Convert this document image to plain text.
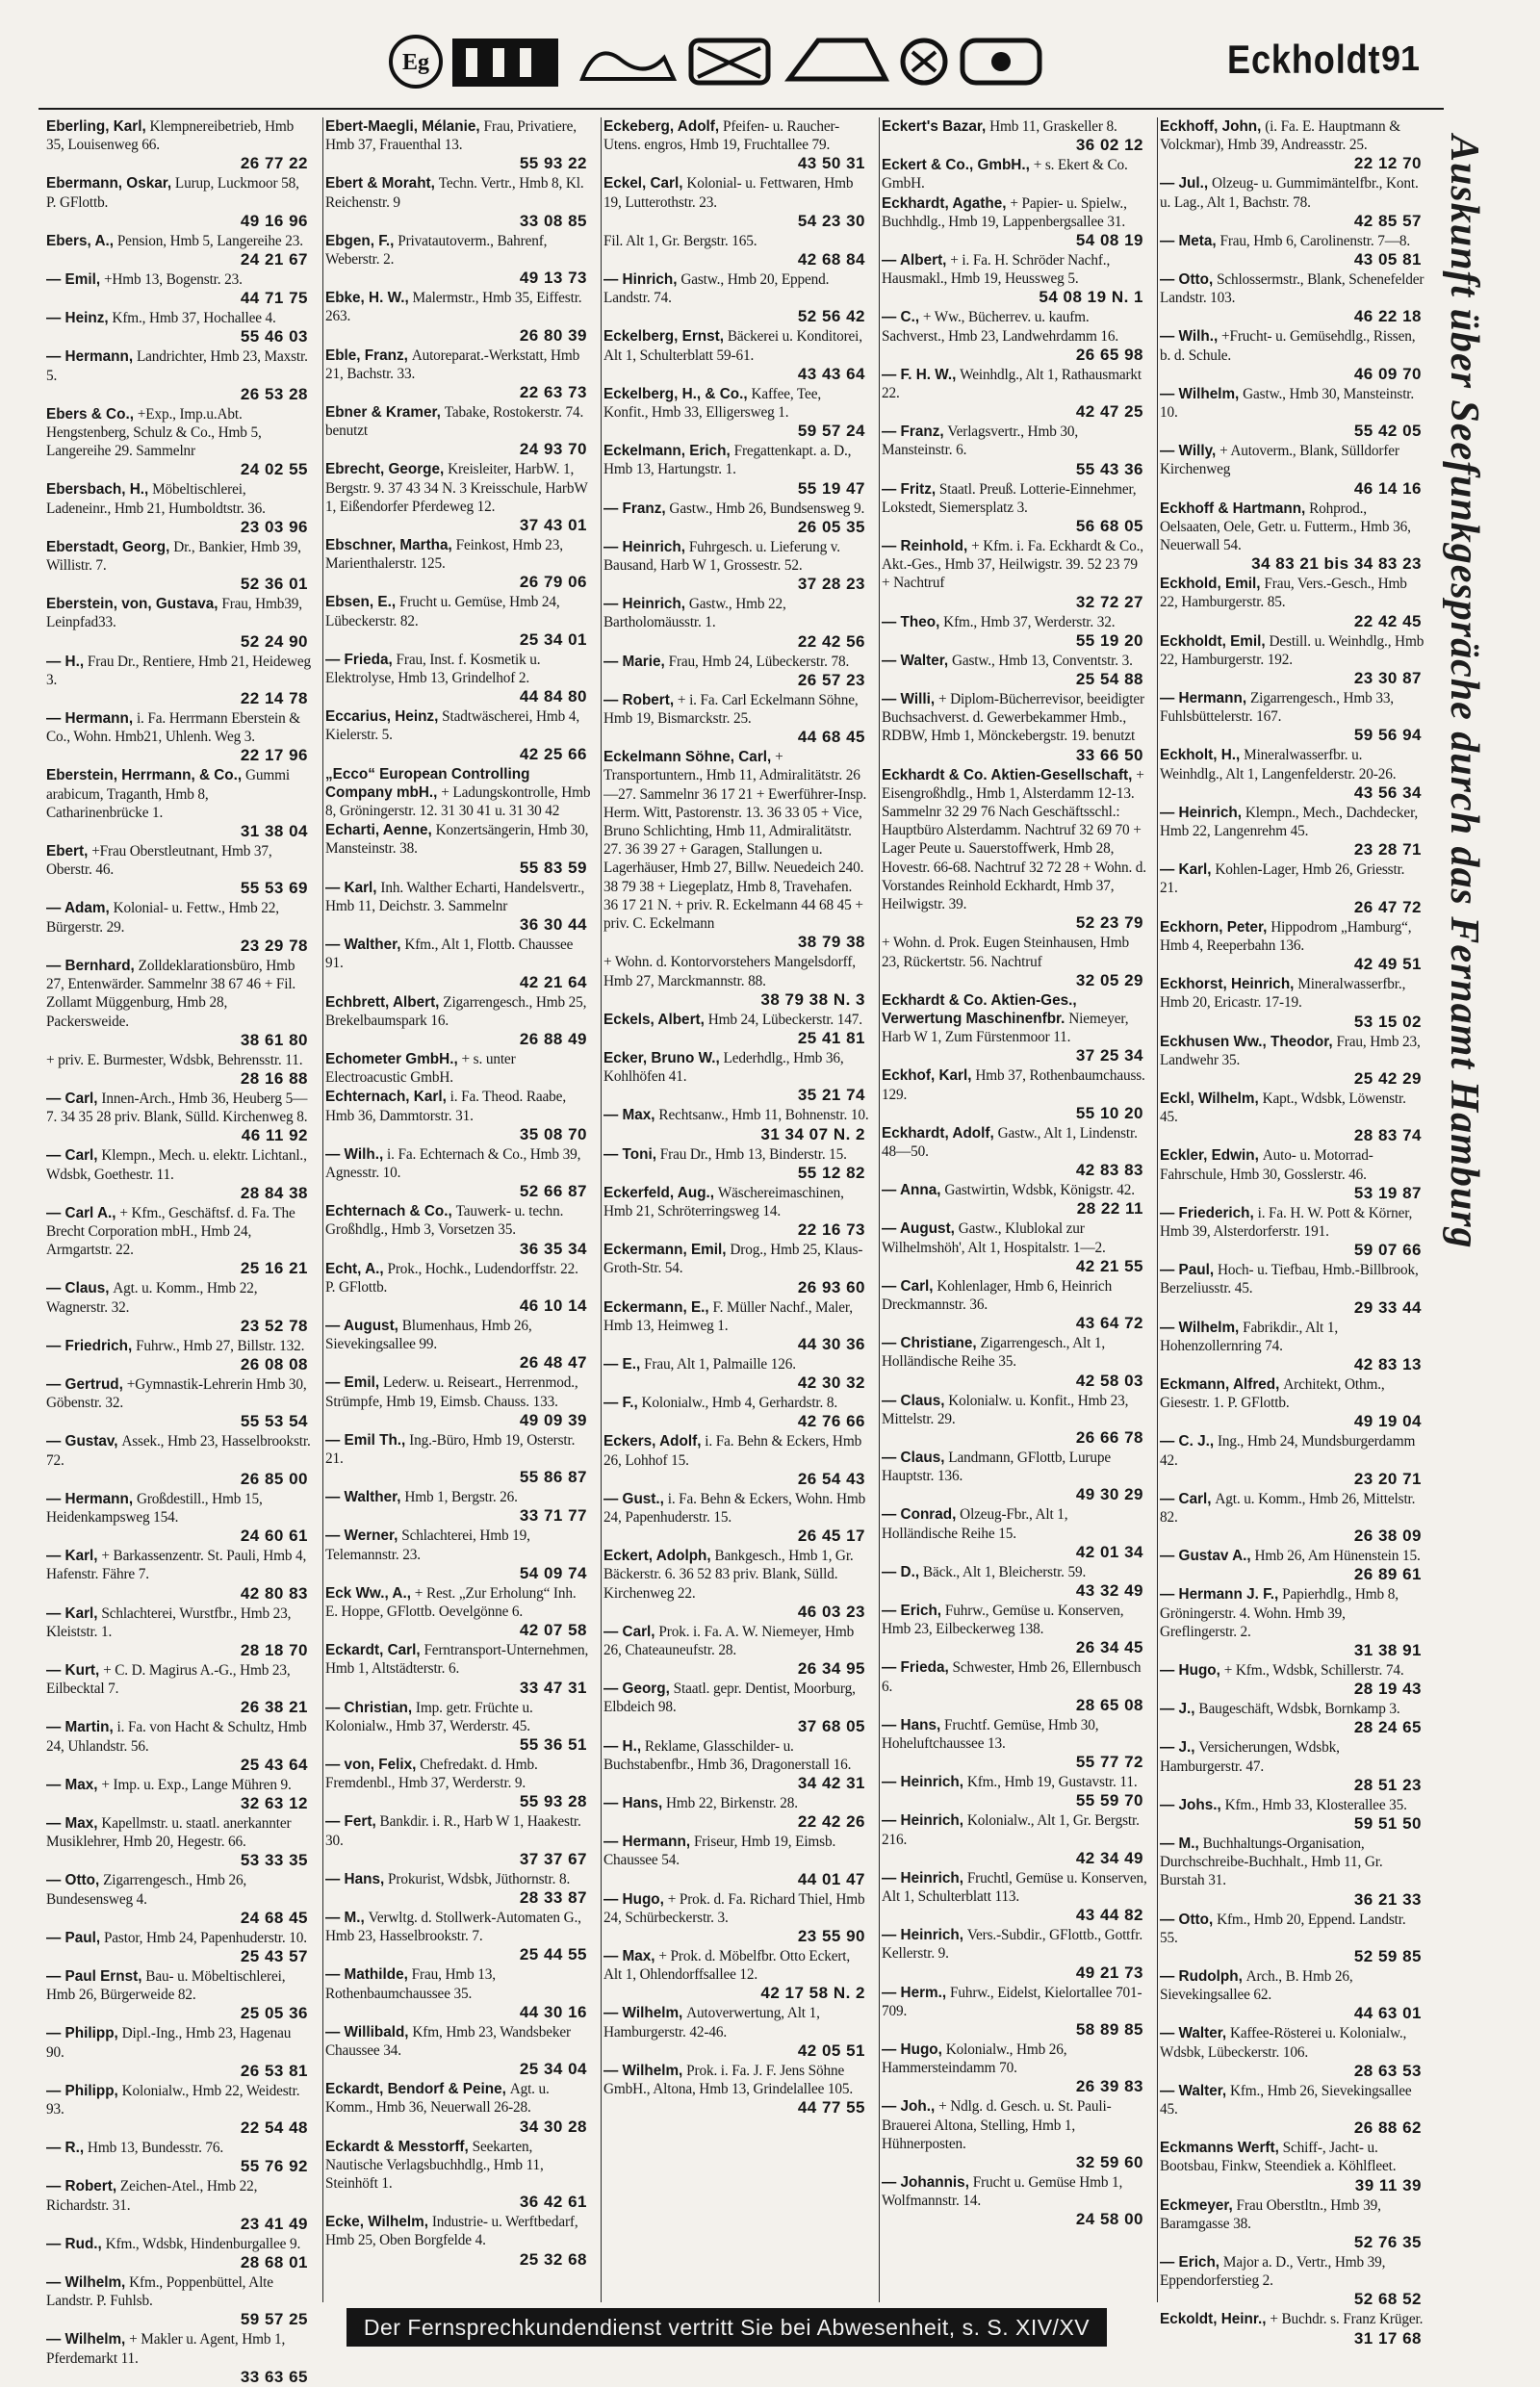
Eg	Eckholdt 91
Eberling, Karl, Klempnereibetrieb, Hmb 35, Louisenweg 66.
26 77 22
Ebermann, Oskar, Lurup, Luckmoor 58, P. GFlottb.
49 16 96
Ebers, A., Pension, Hmb 5, Langereihe 23.
24 21 67
— Emil, +Hmb 13, Bogenstr. 23.
44 71 75
— Heinz, Kfm., Hmb 37, Hochallee 4.
55 46 03
— Hermann, Landrichter, Hmb 23, Maxstr. 5.
26 53 28
Ebers & Co., +Exp., Imp.u.Abt. Hengstenberg, Schulz & Co., Hmb 5, Langereihe 29. Sammelnr
24 02 55
Ebersbach, H., Möbeltischlerei, Ladeneinr., Hmb 21, Humboldtstr. 36.
23 03 96
Eberstadt, Georg, Dr., Bankier, Hmb 39, Willistr. 7.
52 36 01
Eberstein, von, Gustava, Frau, Hmb39, Leinpfad33.
52 24 90
— H., Frau Dr., Rentiere, Hmb 21, Heideweg 3.
22 14 78
— Hermann, i. Fa. Herrmann Eberstein & Co., Wohn. Hmb21, Uhlenh. Weg 3.
22 17 96
Eberstein, Herrmann, & Co., Gummi arabicum, Traganth, Hmb 8, Catharinenbrücke 1.
31 38 04
Ebert, +Frau Oberstleutnant, Hmb 37, Oberstr. 46.
55 53 69
— Adam, Kolonial- u. Fettw., Hmb 22, Bürgerstr. 29.
23 29 78
— Bernhard, Zolldeklarationsbüro, Hmb 27, Entenwärder. Sammelnr 38 67 46 + Fil. Zollamt Müggenburg, Hmb 28, Packersweide.
38 61 80
+ priv. E. Burmester, Wdsbk, Behrensstr. 11.
28 16 88
— Carl, Innen-Arch., Hmb 36, Heuberg 5—7. 34 35 28 priv. Blank, Sülld. Kirchenweg 8.
46 11 92
— Carl, Klempn., Mech. u. elektr. Lichtanl., Wdsbk, Goethestr. 11.
28 84 38
— Carl A., + Kfm., Geschäftsf. d. Fa. The Brecht Corporation mbH., Hmb 24, Armgartstr. 22.
25 16 21
— Claus, Agt. u. Komm., Hmb 22, Wagnerstr. 32.
23 52 78
— Friedrich, Fuhrw., Hmb 27, Billstr. 132.
26 08 08
— Gertrud, +Gymnastik-Lehrerin Hmb 30, Göbenstr. 32.
55 53 54
— Gustav, Assek., Hmb 23, Hasselbrookstr. 72.
26 85 00
— Hermann, Großdestill., Hmb 15, Heidenkampsweg 154.
24 60 61
— Karl, + Barkassenzentr. St. Pauli, Hmb 4, Hafenstr. Fähre 7.
42 80 83
— Karl, Schlachterei, Wurstfbr., Hmb 23, Kleiststr. 1.
28 18 70
— Kurt, + C. D. Magirus A.-G., Hmb 23, Eilbecktal 7.
26 38 21
— Martin, i. Fa. von Hacht & Schultz, Hmb 24, Uhlandstr. 56.
25 43 64
— Max, + Imp. u. Exp., Lange Mühren 9.
32 63 12
— Max, Kapellmstr. u. staatl. anerkannter Musiklehrer, Hmb 20, Hegestr. 66.
53 33 35
— Otto, Zigarrengesch., Hmb 26, Bundesensweg 4.
24 68 45
— Paul, Pastor, Hmb 24, Papenhuderstr. 10.
25 43 57
— Paul Ernst, Bau- u. Möbeltischlerei, Hmb 26, Bürgerweide 82.
25 05 36
— Philipp, Dipl.-Ing., Hmb 23, Hagenau 90.
26 53 81
— Philipp, Kolonialw., Hmb 22, Weidestr. 93.
22 54 48
— R., Hmb 13, Bundesstr. 76.
55 76 92
— Robert, Zeichen-Atel., Hmb 22, Richardstr. 31.
23 41 49
— Rud., Kfm., Wdsbk, Hindenburgallee 9.
28 68 01
— Wilhelm, Kfm., Poppenbüttel, Alte Landstr. P. Fuhlsb.
59 57 25
— Wilhelm, + Makler u. Agent, Hmb 1, Pferdemarkt 11.
33 63 65
Ebert-Maegli, Mélanie, Frau, Privatiere, Hmb 37, Frauenthal 13.
55 93 22
Ebert & Moraht, Techn. Vertr., Hmb 8, Kl. Reichenstr. 9
33 08 85
Ebgen, F., Privatautoverm., Bahrenf, Weberstr. 2.
49 13 73
Ebke, H. W., Malermstr., Hmb 35, Eiffestr. 263.
26 80 39
Eble, Franz, Autoreparat.-Werkstatt, Hmb 21, Bachstr. 33.
22 63 73
Ebner & Kramer, Tabake, Rostokerstr. 74. benutzt
24 93 70
Ebrecht, George, Kreisleiter, HarbW. 1, Bergstr. 9. 37 43 34 N. 3 Kreisschule, HarbW 1, Eißendorfer Pferdeweg 12.
37 43 01
Ebschner, Martha, Feinkost, Hmb 23, Marienthalerstr. 125.
26 79 06
Ebsen, E., Frucht u. Gemüse, Hmb 24, Lübeckerstr. 82.
25 34 01
— Frieda, Frau, Inst. f. Kosmetik u. Elektrolyse, Hmb 13, Grindelhof 2.
44 84 80
Eccarius, Heinz, Stadtwäscherei, Hmb 4, Kielerstr. 5.
42 25 66
„Ecco“ European Controlling Company mbH., + Ladungskontrolle, Hmb 8, Gröningerstr. 12. 31 30 41 u. 31 30 42
Echarti, Aenne, Konzertsängerin, Hmb 30, Mansteinstr. 38.
55 83 59
— Karl, Inh. Walther Echarti, Handelsvertr., Hmb 11, Deichstr. 3. Sammelnr
36 30 44
— Walther, Kfm., Alt 1, Flottb. Chaussee 91.
42 21 64
Echbrett, Albert, Zigarrengesch., Hmb 25, Brekelbaumspark 16.
26 88 49
Echometer GmbH., + s. unter Electroacustic GmbH.
Echternach, Karl, i. Fa. Theod. Raabe, Hmb 36, Dammtorstr. 31.
35 08 70
— Wilh., i. Fa. Echternach & Co., Hmb 39, Agnesstr. 10.
52 66 87
Echternach & Co., Tauwerk- u. techn. Großhdlg., Hmb 3, Vorsetzen 35.
36 35 34
Echt, A., Prok., Hochk., Ludendorffstr. 22. P. GFlottb.
46 10 14
— August, Blumenhaus, Hmb 26, Sievekingsallee 99.
26 48 47
— Emil, Lederw. u. Reiseart., Herrenmod., Strümpfe, Hmb 19, Eimsb. Chauss. 133.
49 09 39
— Emil Th., Ing.-Büro, Hmb 19, Osterstr. 21.
55 86 87
— Walther, Hmb 1, Bergstr. 26.
33 71 77
— Werner, Schlachterei, Hmb 19, Telemannstr. 23.
54 09 74
Eck Ww., A., + Rest. „Zur Erholung“ Inh. E. Hoppe, GFlottb. Oevelgönne 6.
42 07 58
Eckardt, Carl, Ferntransport-Unternehmen, Hmb 1, Altstädterstr. 6.
33 47 31
— Christian, Imp. getr. Früchte u. Kolonialw., Hmb 37, Werderstr. 45.
55 36 51
— von, Felix, Chefredakt. d. Hmb. Fremdenbl., Hmb 37, Werderstr. 9.
55 93 28
— Fert, Bankdir. i. R., Harb W 1, Haakestr. 30.
37 37 67
— Hans, Prokurist, Wdsbk, Jüthornstr. 8.
28 33 87
— M., Verwltg. d. Stollwerk-Automaten G., Hmb 23, Hasselbrookstr. 7.
25 44 55
— Mathilde, Frau, Hmb 13, Rothenbaumchaussee 35.
44 30 16
— Willibald, Kfm, Hmb 23, Wandsbeker Chaussee 34.
25 34 04
Eckardt, Bendorf & Peine, Agt. u. Komm., Hmb 36, Neuerwall 26-28.
34 30 28
Eckardt & Messtorff, Seekarten, Nautische Verlagsbuchhdlg., Hmb 11, Steinhöft 1.
36 42 61
Ecke, Wilhelm, Industrie- u. Werftbedarf, Hmb 25, Oben Borgfelde 4.
25 32 68
Eckeberg, Adolf, Pfeifen- u. Raucher-Utens. engros, Hmb 19, Fruchtallee 79.
43 50 31
Eckel, Carl, Kolonial- u. Fettwaren, Hmb 19, Lutterothstr. 23.
54 23 30
Fil. Alt 1, Gr. Bergstr. 165.
42 68 84
— Hinrich, Gastw., Hmb 20, Eppend. Landstr. 74.
52 56 42
Eckelberg, Ernst, Bäckerei u. Konditorei, Alt 1, Schulterblatt 59-61.
43 43 64
Eckelberg, H., & Co., Kaffee, Tee, Konfit., Hmb 33, Elligersweg 1.
59 57 24
Eckelmann, Erich, Fregattenkapt. a. D., Hmb 13, Hartungstr. 1.
55 19 47
— Franz, Gastw., Hmb 26, Bundsensweg 9.
26 05 35
— Heinrich, Fuhrgesch. u. Lieferung v. Bausand, Harb W 1, Grossestr. 52.
37 28 23
— Heinrich, Gastw., Hmb 22, Bartholomäusstr. 1.
22 42 56
— Marie, Frau, Hmb 24, Lübeckerstr. 78.
26 57 23
— Robert, + i. Fa. Carl Eckelmann Söhne, Hmb 19, Bismarckstr. 25.
44 68 45
Eckelmann Söhne, Carl, + Transportuntern., Hmb 11, Admiralitätstr. 26—27. Sammelnr 36 17 21 + Ewerführer-Insp. Herm. Witt, Pastorenstr. 13. 36 33 05 + Vice, Bruno Schlichting, Hmb 11, Admiralitätstr. 27. 36 39 27 + Garagen, Stallungen u. Lagerhäuser, Hmb 27, Billw. Neuedeich 240. 38 79 38 + Liegeplatz, Hmb 8, Travehafen. 36 17 21 N. + priv. R. Eckelmann 44 68 45 + priv. C. Eckelmann
38 79 38
+ Wohn. d. Kontorvorstehers Mangelsdorff, Hmb 27, Marckmannstr. 88.
38 79 38 N. 3
Eckels, Albert, Hmb 24, Lübeckerstr. 147.
25 41 81
Ecker, Bruno W., Lederhdlg., Hmb 36, Kohlhöfen 41.
35 21 74
— Max, Rechtsanw., Hmb 11, Bohnenstr. 10.
31 34 07 N. 2
— Toni, Frau Dr., Hmb 13, Binderstr. 15.
55 12 82
Eckerfeld, Aug., Wäschereimaschinen, Hmb 21, Schröterringsweg 14.
22 16 73
Eckermann, Emil, Drog., Hmb 25, Klaus-Groth-Str. 54.
26 93 60
Eckermann, E., F. Müller Nachf., Maler, Hmb 13, Heimweg 1.
44 30 36
— E., Frau, Alt 1, Palmaille 126.
42 30 32
— F., Kolonialw., Hmb 4, Gerhardstr. 8.
42 76 66
Eckers, Adolf, i. Fa. Behn & Eckers, Hmb 26, Lohhof 15.
26 54 43
— Gust., i. Fa. Behn & Eckers, Wohn. Hmb 24, Papenhuderstr. 15.
26 45 17
Eckert, Adolph, Bankgesch., Hmb 1, Gr. Bäckerstr. 6. 36 52 83 priv. Blank, Sülld. Kirchenweg 22.
46 03 23
— Carl, Prok. i. Fa. A. W. Niemeyer, Hmb 26, Chateauneufstr. 28.
26 34 95
— Georg, Staatl. gepr. Dentist, Moorburg, Elbdeich 98.
37 68 05
— H., Reklame, Glasschilder- u. Buchstabenfbr., Hmb 36, Dragonerstall 16.
34 42 31
— Hans, Hmb 22, Birkenstr. 28.
22 42 26
— Hermann, Friseur, Hmb 19, Eimsb. Chaussee 54.
44 01 47
— Hugo, + Prok. d. Fa. Richard Thiel, Hmb 24, Schürbeckerstr. 3.
23 55 90
— Max, + Prok. d. Möbelfbr. Otto Eckert, Alt 1, Ohlendorffsallee 12.
42 17 58 N. 2
— Wilhelm, Autoverwertung, Alt 1, Hamburgerstr. 42-46.
42 05 51
— Wilhelm, Prok. i. Fa. J. F. Jens Söhne GmbH., Altona, Hmb 13, Grindelallee 105.
44 77 55
Eckert's Bazar, Hmb 11, Graskeller 8.
36 02 12
Eckert & Co., GmbH., + s. Ekert & Co. GmbH.
Eckhardt, Agathe, + Papier- u. Spielw., Buchhdlg., Hmb 19, Lappenbergsallee 31.
54 08 19
— Albert, + i. Fa. H. Schröder Nachf., Hausmakl., Hmb 19, Heussweg 5.
54 08 19 N. 1
— C., + Ww., Bücherrev. u. kaufm. Sachverst., Hmb 23, Landwehrdamm 16.
26 65 98
— F. H. W., Weinhdlg., Alt 1, Rathausmarkt 22.
42 47 25
— Franz, Verlagsvertr., Hmb 30, Mansteinstr. 6.
55 43 36
— Fritz, Staatl. Preuß. Lotterie-Einnehmer, Lokstedt, Siemersplatz 3.
56 68 05
— Reinhold, + Kfm. i. Fa. Eckhardt & Co., Akt.-Ges., Hmb 37, Heilwigstr. 39. 52 23 79 + Nachtruf
32 72 27
— Theo, Kfm., Hmb 37, Werderstr. 32.
55 19 20
— Walter, Gastw., Hmb 13, Conventstr. 3.
25 54 88
— Willi, + Diplom-Bücherrevisor, beeidigter Buchsachverst. d. Gewerbekammer Hmb., RDBW, Hmb 1, Mönckebergstr. 19. benutzt
33 66 50
Eckhardt & Co. Aktien-Gesellschaft, + Eisengroßhdlg., Hmb 1, Alsterdamm 12-13. Sammelnr 32 29 76 Nach Geschäftsschl.: Hauptbüro Alsterdamm. Nachtruf 32 69 70 + Lager Peute u. Sauerstoffwerk, Hmb 28, Hovestr. 66-68. Nachtruf 32 72 28 + Wohn. d. Vorstandes Reinhold Eckhardt, Hmb 37, Heilwigstr. 39.
52 23 79
+ Wohn. d. Prok. Eugen Steinhausen, Hmb 23, Rückertstr. 56. Nachtruf
32 05 29
Eckhardt & Co. Aktien-Ges., Verwertung Maschinenfbr. Niemeyer, Harb W 1, Zum Fürstenmoor 11.
37 25 34
Eckhof, Karl, Hmb 37, Rothenbaumchauss. 129.
55 10 20
Eckhardt, Adolf, Gastw., Alt 1, Lindenstr. 48—50.
42 83 83
— Anna, Gastwirtin, Wdsbk, Königstr. 42.
28 22 11
— August, Gastw., Klublokal zur Wilhelmshöh', Alt 1, Hospitalstr. 1—2.
42 21 55
— Carl, Kohlenlager, Hmb 6, Heinrich Dreckmannstr. 36.
43 64 72
— Christiane, Zigarrengesch., Alt 1, Holländische Reihe 35.
42 58 03
— Claus, Kolonialw. u. Konfit., Hmb 23, Mittelstr. 29.
26 66 78
— Claus, Landmann, GFlottb, Lurupe Hauptstr. 136.
49 30 29
— Conrad, Olzeug-Fbr., Alt 1, Holländische Reihe 15.
42 01 34
— D., Bäck., Alt 1, Bleicherstr. 59.
43 32 49
— Erich, Fuhrw., Gemüse u. Konserven, Hmb 23, Eilbeckerweg 138.
26 34 45
— Frieda, Schwester, Hmb 26, Ellernbusch 6.
28 65 08
— Hans, Fruchtf. Gemüse, Hmb 30, Hoheluftchaussee 13.
55 77 72
— Heinrich, Kfm., Hmb 19, Gustavstr. 11.
55 59 70
— Heinrich, Kolonialw., Alt 1, Gr. Bergstr. 216.
42 34 49
— Heinrich, Fruchtl, Gemüse u. Konserven, Alt 1, Schulterblatt 113.
43 44 82
— Heinrich, Vers.-Subdir., GFlottb., Gottfr. Kellerstr. 9.
49 21 73
— Herm., Fuhrw., Eidelst, Kielortallee 701-709.
58 89 85
— Hugo, Kolonialw., Hmb 26, Hammersteindamm 70.
26 39 83
— Joh., + Ndlg. d. Gesch. u. St. Pauli-Brauerei Altona, Stelling, Hmb 1, Hühnerposten.
32 59 60
— Johannis, Frucht u. Gemüse Hmb 1, Wolfmannstr. 14.
24 58 00
Eckhoff, John, (i. Fa. E. Hauptmann & Volckmar), Hmb 39, Andreasstr. 25.
22 12 70
— Jul., Olzeug- u. Gummimäntelfbr., Kont. u. Lag., Alt 1, Bachstr. 78.
42 85 57
— Meta, Frau, Hmb 6, Carolinenstr. 7—8.
43 05 81
— Otto, Schlossermstr., Blank, Schenefelder Landstr. 103.
46 22 18
— Wilh., +Frucht- u. Gemüsehdlg., Rissen, b. d. Schule.
46 09 70
— Wilhelm, Gastw., Hmb 30, Mansteinstr. 10.
55 42 05
— Willy, + Autoverm., Blank, Sülldorfer Kirchenweg
46 14 16
Eckhoff & Hartmann, Rohprod., Oelsaaten, Oele, Getr. u. Futterm., Hmb 36, Neuerwall 54.
34 83 21 bis 34 83 23
Eckhold, Emil, Frau, Vers.-Gesch., Hmb 22, Hamburgerstr. 85.
22 42 45
Eckholdt, Emil, Destill. u. Weinhdlg., Hmb 22, Hamburgerstr. 192.
23 30 87
— Hermann, Zigarrengesch., Hmb 33, Fuhlsbüttelerstr. 167.
59 56 94
Eckholt, H., Mineralwasserfbr. u. Weinhdlg., Alt 1, Langenfelderstr. 20-26.
43 56 34
— Heinrich, Klempn., Mech., Dachdecker, Hmb 22, Langenrehm 45.
23 28 71
— Karl, Kohlen-Lager, Hmb 26, Griesstr. 21.
26 47 72
Eckhorn, Peter, Hippodrom „Hamburg“, Hmb 4, Reeperbahn 136.
42 49 51
Eckhorst, Heinrich, Mineralwasserfbr., Hmb 20, Ericastr. 17-19.
53 15 02
Eckhusen Ww., Theodor, Frau, Hmb 23, Landwehr 35.
25 42 29
Eckl, Wilhelm, Kapt., Wdsbk, Löwenstr. 45.
28 83 74
Eckler, Edwin, Auto- u. Motorrad-Fahrschule, Hmb 30, Gosslerstr. 46.
53 19 87
— Friederich, i. Fa. H. W. Pott & Körner, Hmb 39, Alsterdorferstr. 191.
59 07 66
— Paul, Hoch- u. Tiefbau, Hmb.-Billbrook, Berzeliusstr. 45.
29 33 44
— Wilhelm, Fabrikdir., Alt 1, Hohenzollernring 74.
42 83 13
Eckmann, Alfred, Architekt, Othm., Giesestr. 1. P. GFlottb.
49 19 04
— C. J., Ing., Hmb 24, Mundsburgerdamm 42.
23 20 71
— Carl, Agt. u. Komm., Hmb 26, Mittelstr. 82.
26 38 09
— Gustav A., Hmb 26, Am Hünenstein 15.
26 89 61
— Hermann J. F., Papierhdlg., Hmb 8, Gröningerstr. 4. Wohn. Hmb 39, Greflingerstr. 2.
31 38 91
— Hugo, + Kfm., Wdsbk, Schillerstr. 74.
28 19 43
— J., Baugeschäft, Wdsbk, Bornkamp 3.
28 24 65
— J., Versicherungen, Wdsbk, Hamburgerstr. 47.
28 51 23
— Johs., Kfm., Hmb 33, Klosterallee 35.
59 51 50
— M., Buchhaltungs-Organisation, Durchschreibe-Buchhalt., Hmb 11, Gr. Burstah 31.
36 21 33
— Otto, Kfm., Hmb 20, Eppend. Landstr. 55.
52 59 85
— Rudolph, Arch., B. Hmb 26, Sievekingsallee 62.
44 63 01
— Walter, Kaffee-Rösterei u. Kolonialw., Wdsbk, Lübeckerstr. 106.
28 63 53
— Walter, Kfm., Hmb 26, Sievekingsallee 45.
26 88 62
Eckmanns Werft, Schiff-, Jacht- u. Bootsbau, Finkw, Steendiek a. Köhlfleet.
39 11 39
Eckmeyer, Frau Oberstltn., Hmb 39, Baramgasse 38.
52 76 35
— Erich, Major a. D., Vertr., Hmb 39, Eppendorferstieg 2.
52 68 52
Eckoldt, Heinr., + Buchdr. s. Franz Krüger.
31 17 68
Auskunft über Seefunkgespräche durch das Fernamt Hamburg
Der Fernsprechkundendienst vertritt Sie bei Abwesenheit, s. S. XIV/XV
